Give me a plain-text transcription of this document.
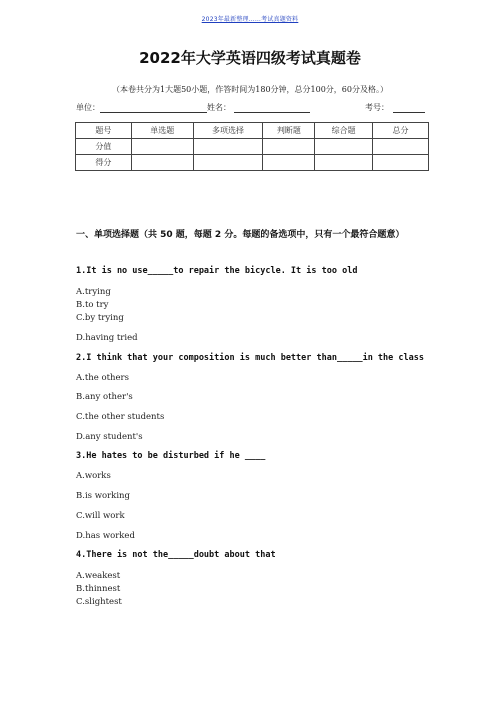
2023年最新整理……考试真题资料
2022年大学英语四级考试真题卷
（本卷共分为1大题50小题，作答时间为180分钟，总分100分，60分及格。）
单位：	姓名：	考号：
题号	单选题	多项选择	判断题	综合题	总分
分值					
得分					
一、单项选择题（共 50 题，每题 2 分。每题的备选项中，只有一个最符合题意）
1.It is no use_____to repair the bicycle. It is too old
A.trying
B.to try
C.by trying
D.having tried
2.I think that your composition is much better than_____in the class
A.the others
B.any other's
C.the other students
D.any student's
3.He hates to be disturbed if he ____
A.works
B.is working
C.will work
D.has worked
4.There is not the_____doubt about that
A.weakest
B.thinnest
C.slightest
